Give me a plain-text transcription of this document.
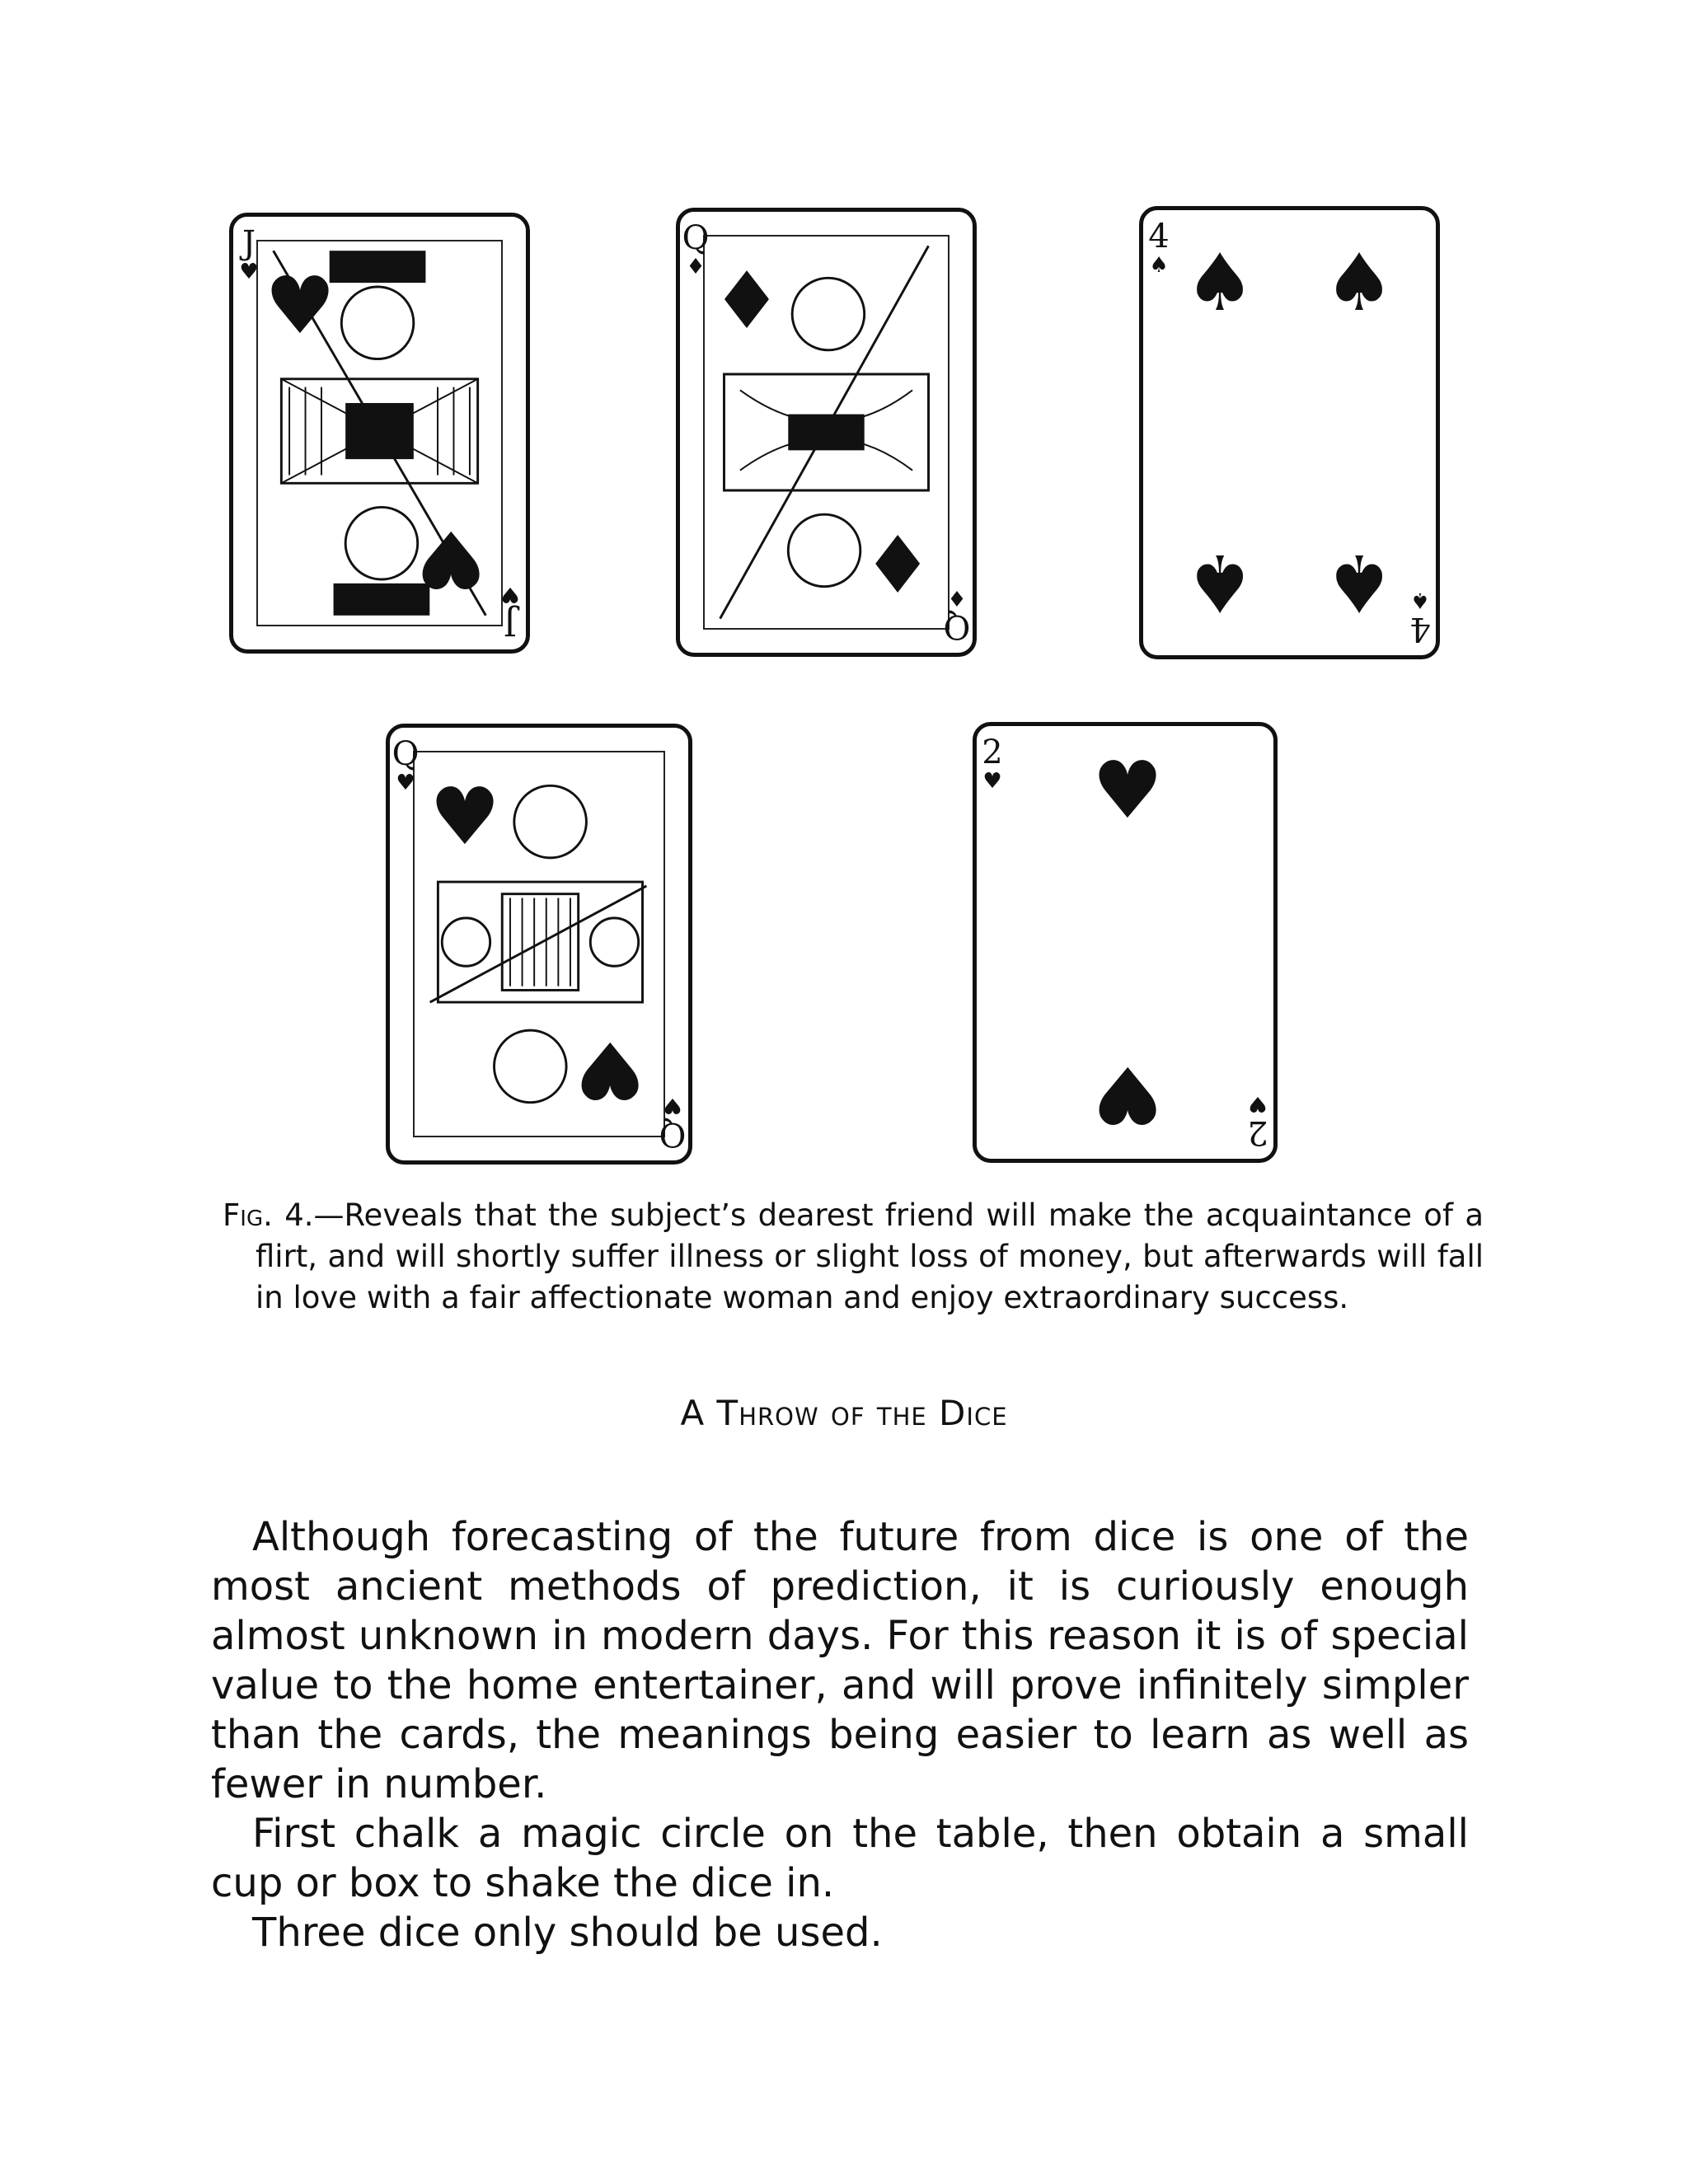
J
♥ ♥
♥
J
♥
Q
♦ ♦
♦
Q
♦
4
♠ ♠ ♠
♠ ♠ 4
♠
Q
♥ ♥
♥
Q
♥
2
♥ ♥
♥	2
♥
Fig. 4.—Reveals that the subject’s dearest friend will make the acquaintance of a flirt, and will shortly suffer illness or slight loss of money, but afterwards will fall in love with a fair affectionate woman and enjoy extraordinary success.
A Throw of the Dice

Although forecasting of the future from dice is one of the most ancient methods of prediction, it is curiously enough almost unknown in modern days. For this reason it is of special value to the home entertainer, and will prove infinitely simpler than the cards, the meanings being easier to learn as well as fewer in number.

First chalk a magic circle on the table, then obtain a small cup or box to shake the dice in.

Three dice only should be used.
